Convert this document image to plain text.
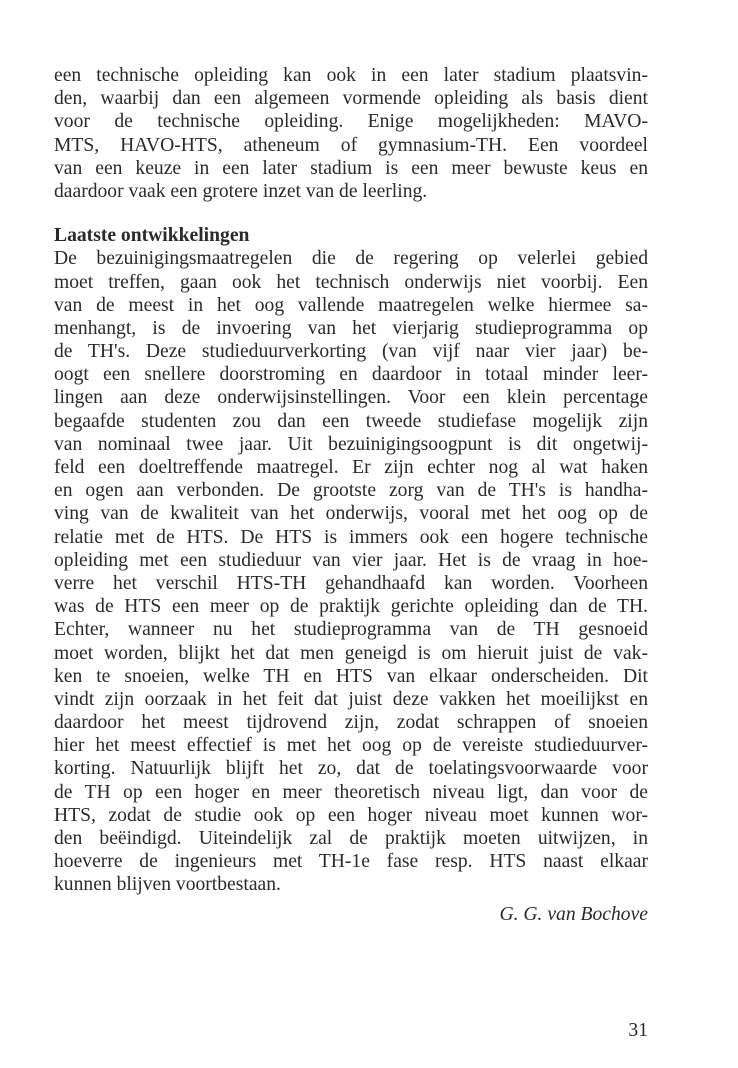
een technische opleiding kan ook in een later stadium plaatsvin-
den, waarbij dan een algemeen vormende opleiding als basis dient
voor de technische opleiding. Enige mogelijkheden: MAVO-
MTS, HAVO-HTS, atheneum of gymnasium-TH. Een voordeel
van een keuze in een later stadium is een meer bewuste keus en
daardoor vaak een grotere inzet van de leerling.
Laatste ontwikkelingen
De bezuinigingsmaatregelen die de regering op velerlei gebied
moet treffen, gaan ook het technisch onderwijs niet voorbij. Een
van de meest in het oog vallende maatregelen welke hiermee sa-
menhangt, is de invoering van het vierjarig studieprogramma op
de TH's. Deze studieduurverkorting (van vijf naar vier jaar) be-
oogt een snellere doorstroming en daardoor in totaal minder leer-
lingen aan deze onderwijsinstellingen. Voor een klein percentage
begaafde studenten zou dan een tweede studiefase mogelijk zijn
van nominaal twee jaar. Uit bezuinigingsoogpunt is dit ongetwij-
feld een doeltreffende maatregel. Er zijn echter nog al wat haken
en ogen aan verbonden. De grootste zorg van de TH's is handha-
ving van de kwaliteit van het onderwijs, vooral met het oog op de
relatie met de HTS. De HTS is immers ook een hogere technische
opleiding met een studieduur van vier jaar. Het is de vraag in hoe-
verre het verschil HTS-TH gehandhaafd kan worden. Voorheen
was de HTS een meer op de praktijk gerichte opleiding dan de TH.
Echter, wanneer nu het studieprogramma van de TH gesnoeid
moet worden, blijkt het dat men geneigd is om hieruit juist de vak-
ken te snoeien, welke TH en HTS van elkaar onderscheiden. Dit
vindt zijn oorzaak in het feit dat juist deze vakken het moeilijkst en
daardoor het meest tijdrovend zijn, zodat schrappen of snoeien
hier het meest effectief is met het oog op de vereiste studieduurver-
korting. Natuurlijk blijft het zo, dat de toelatingsvoorwaarde voor
de TH op een hoger en meer theoretisch niveau ligt, dan voor de
HTS, zodat de studie ook op een hoger niveau moet kunnen wor-
den beëindigd. Uiteindelijk zal de praktijk moeten uitwijzen, in
hoeverre de ingenieurs met TH-1e fase resp. HTS naast elkaar
kunnen blijven voortbestaan.
G. G. van Bochove
31
